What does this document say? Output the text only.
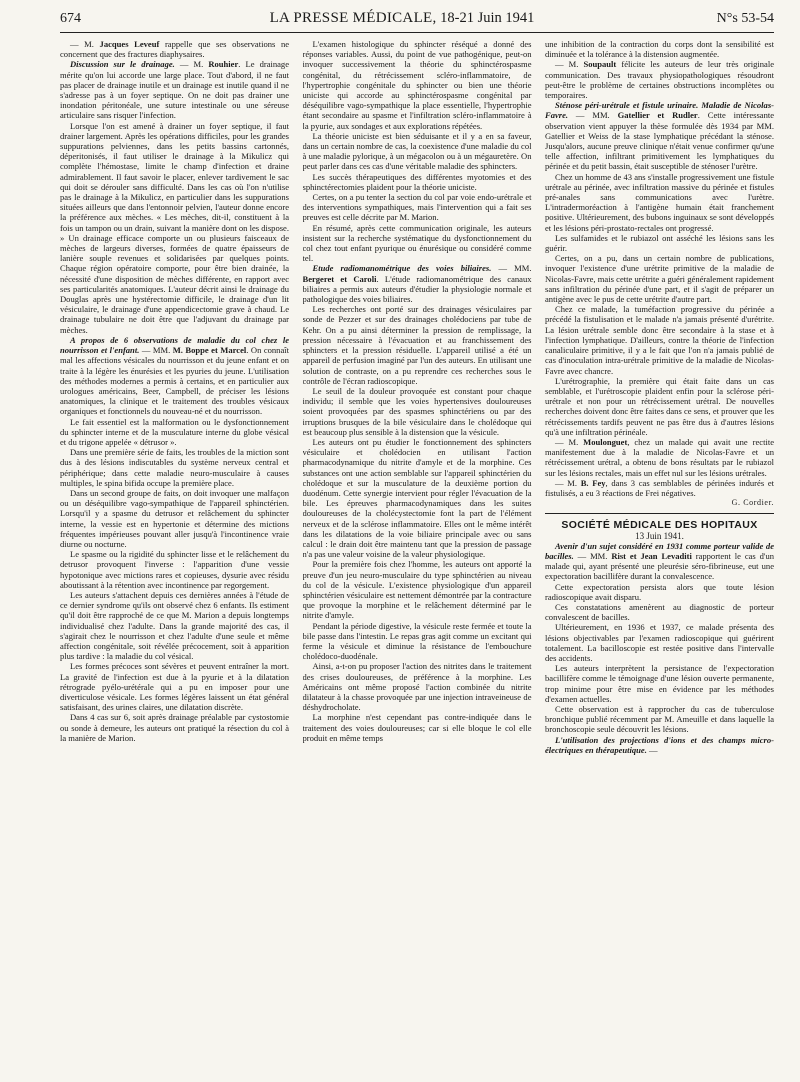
674	LA PRESSE MÉDICALE, 18-21 Juin 1941	N°s 53-54

— M. Jacques Leveuf rappelle que ses observations ne concernent que des fractures diaphysaires.

Discussion sur le drainage. — M. Rouhier. Le drainage mérite qu'on lui accorde une large place. Tout d'abord, il ne faut pas placer de drainage inutile et un drainage est inutile quand il ne s'adresse pas à un foyer septique. On ne doit pas drainer une inondation péritonéale, une suture intestinale ou une séreuse articulaire sans risquer l'infection.

Lorsque l'on est amené à drainer un foyer septique, il faut drainer largement. Après les opérations difficiles, pour les grandes suppurations pelviennes, dans les petits bassins cartonnés, déperitonisés, il faut utiliser le drainage à la Mikulicz qui complète l'hémostase, limite le champ d'infection et draine admirablement. Il faut savoir le placer, enlever tardivement le sac qui doit se dérouler sans difficulté. Dans les cas où l'on n'utilise pas le drainage à la Mikulicz, en particulier dans les suppurations situées ailleurs que dans l'entonnoir pelvien, l'auteur donne encore la préférence aux mèches. « Les mèches, dit-il, constituent à la fois un tampon ou un drain, suivant la manière dont on les dispose. » Un drainage efficace comporte un ou plusieurs faisceaux de mèches de largeurs diverses, formées de quatre épaisseurs de lanière souple revenues et solidarisées par quelques points. Chaque région opératoire comporte, pour être bien drainée, la nécessité d'une disposition de mèches différente, en rapport avec ses particularités anatomiques. L'auteur décrit ainsi le drainage du Douglas après une hystérectomie difficile, le drainage d'un lit vésiculaire, le drainage d'une appendicectomie grave à chaud. Le drainage tubulaire ne doit être que l'adjuvant du drainage par mèches.

A propos de 6 observations de maladie du col chez le nourrisson et l'enfant. — MM. M. Boppe et Marcel. On connaît mal les affections vésicales du nourrisson et du jeune enfant et on traite à la légère les énurésies et les pyuries du jeune. L'utilisation des méthodes modernes a permis à certains, et en particulier aux urologues américains, Beer, Campbell, de préciser les lésions anatomiques, la clinique et le traitement des troubles vésicaux organiques et fonctionnels du nouveau-né et du nourrisson.

Le fait essentiel est la malformation ou le dysfonctionnement du sphincter interne et de la musculature interne du globe vésical et du trigone appelée « détrusor ».

Dans une première série de faits, les troubles de la miction sont dus à des lésions indiscutables du système nerveux central et périphérique; dans cette maladie neuro-musculaire à causes multiples, le spina bifida occupe la première place.

Dans un second groupe de faits, on doit invoquer une malfaçon ou un déséquilibre vago-sympathique de l'appareil sphinctérien. Lorsqu'il y a spasme du detrusor et relâchement du sphincter interne, la vessie est en hypertonie et détermine des mictions fréquentes impérieuses pouvant aller jusqu'à l'incontinence vraie diurne ou nocturne.

Le spasme ou la rigidité du sphincter lisse et le relâchement du detrusor provoquent l'inverse : l'apparition d'une vessie hypotonique avec mictions rares et copieuses, dysurie avec résidu aboutissant à la rétention avec incontinence par regorgement.

Les auteurs s'attachent depuis ces dernières années à l'étude de ce dernier syndrome qu'ils ont observé chez 6 enfants. Ils estiment qu'il doit être rapproché de ce que M. Marion a depuis longtemps individualisé chez l'adulte. Dans la grande majorité des cas, il s'agirait chez le nourrisson et chez l'adulte d'une seule et même affection congénitale, soit révélée précocement, soit à apparition plus tardive : la maladie du col vésical.

Les formes précoces sont sévères et peuvent entraîner la mort. La gravité de l'infection est due à la pyurie et à la dilatation rétrograde pyélo-urétérale qui a pu en imposer pour une diverticulose vésicale. Les formes légères laissent un état général satisfaisant, des urines claires, une dilatation discrète.

Dans 4 cas sur 6, soit après drainage préalable par cystostomie ou sonde à demeure, les auteurs ont pratiqué la résection du col à la manière de Marion.

L'examen histologique du sphincter réséqué a donné des réponses variables. Aussi, du point de vue pathogénique, peut-on invoquer successivement la théorie du sphinctérospasme congénital, du rétrécissement scléro-inflammatoire, de l'hypertrophie congénitale du sphincter ou bien une théorie uniciste qui accorde au sphinctérospasme congénital par déséquilibre vago-sympathique la place essentielle, l'hypertrophie étant secondaire au spasme et l'infiltration scléro-inflammatoire à la pyurie, aux sondages et aux explorations répétées.

La théorie uniciste est bien séduisante et il y a en sa faveur, dans un certain nombre de cas, la coexistence d'une maladie du col à une maladie pylorique, à un mégacolon ou à un mégauretère. On peut parler dans ces cas d'une véritable maladie des sphincters.

Les succès thérapeutiques des différentes myotomies et des sphinctérectomies plaident pour la théorie uniciste.

Certes, on a pu tenter la section du col par voie endo-urétrale et des interventions sympathiques, mais l'intervention qui a fait ses preuves est celle décrite par M. Marion.

En résumé, après cette communication originale, les auteurs insistent sur la recherche systématique du dysfonctionnement du col chez tout enfant pyurique ou énurésique ou considéré comme tel.

Etude radiomanométrique des voies biliaires. — MM. Bergeret et Caroli. L'étude radiomanométrique des canaux biliaires a permis aux auteurs d'étudier la physiologie normale et pathologique des voies biliaires.

Les recherches ont porté sur des drainages vésiculaires par sonde de Pezzer et sur des drainages cholédociens par tube de Kehr. On a pu ainsi déterminer la pression de remplissage, la pression nécessaire à l'évacuation et au franchissement des sphincters et la pression résiduelle. L'appareil utilisé a été un appareil de perfusion imaginé par l'un des auteurs. En utilisant une solution de contraste, on a pu reprendre ces recherches sous le contrôle de l'écran radioscopique.

Le seuil de la douleur provoquée est constant pour chaque individu; il semble que les voies hypertensives douloureuses soient provoquées par des spasmes sphinctériens ou par des irruptions brusques de la bile vésiculaire dans le cholédoque qui est beaucoup plus sensible à la distension que la vésicule.

Les auteurs ont pu étudier le fonctionnement des sphincters vésiculaire et cholédocien en utilisant l'action pharmacodynamique du nitrite d'amyle et de la morphine. Ces substances ont une action semblable sur l'appareil sphinctérien du cholédoque et sur la musculature de la deuxième portion du duodénum. Cette synergie intervient pour régler l'évacuation de la bile. Les épreuves pharmacodynamiques dans les suites douloureuses de la cholécystectomie font la part de l'élément nerveux et de la sclérose inflammatoire. Elles ont le même intérêt dans les dilatations de la voie biliaire principale avec ou sans calcul : le drain doit être maintenu tant que la pression de passage n'a pas une valeur voisine de la valeur physiologique.

Pour la première fois chez l'homme, les auteurs ont apporté la preuve d'un jeu neuro-musculaire du type sphinctérien au niveau du col de la vésicule. L'existence physiologique d'un appareil sphinctérien vésiculaire est nettement démontrée par la contracture que provoque la morphine et le relâchement déterminé par le nitrite d'amyle.

Pendant la période digestive, la vésicule reste fermée et toute la bile passe dans l'intestin. Le repas gras agit comme un excitant qui ferme la vésicule et diminue la résistance de l'embouchure cholédoco-duodénale.

Ainsi, a-t-on pu proposer l'action des nitrites dans le traitement des crises douloureuses, de préférence à la morphine. Les Américains ont même proposé l'action combinée du nitrite dilatateur à la chasse provoquée par une injection intraveineuse de déshydrocholate.

La morphine n'est cependant pas contre-indiquée dans le traitement des voies douloureuses; car si elle bloque le col elle produit en même temps

une inhibition de la contraction du corps dont la sensibilité est diminuée et la tolérance à la distension augmentée.

— M. Soupault félicite les auteurs de leur très originale communication. Des travaux physiopathologiques résoudront peut-être le problème de certaines obstructions incomplètes ou temporaires.

Sténose péri-urétrale et fistule urinaire. Maladie de Nicolas-Favre. — MM. Gatellier et Rudler. Cette intéressante observation vient appuyer la thèse formulée dès 1934 par MM. Gatellier et Weiss de la stase lymphatique précédant la sténose. Jusqu'alors, aucune preuve clinique n'était venue confirmer qu'une telle affection, infiltrant primitivement les lymphatiques du périnée et du petit bassin, était susceptible de sténoser l'urètre.

Chez un homme de 43 ans s'installe progressivement une fistule urétrale au périnée, avec infiltration massive du périnée et fistules pré-anales sans communications avec l'urètre. L'intradermoréaction à l'antigène humain était franchement positive. Ultérieurement, des bubons inguinaux se sont développés et les lésions péri-prostato-rectales ont progressé.

Les sulfamides et le rubiazol ont asséché les lésions sans les guérir.

Certes, on a pu, dans un certain nombre de publications, invoquer l'existence d'une urétrite primitive de la maladie de Nicolas-Favre, mais cette urétrite a guéri généralement rapidement sans infiltration du périnée d'une part, et il s'agit de préparer un antigène avec le pus de cette urétrite d'autre part.

Chez ce malade, la tuméfaction progressive du périnée a précédé la fistulisation et le malade n'a jamais présenté d'urétrite. La lésion urétrale semble donc être secondaire à la stase et à l'infection lymphatique. D'ailleurs, contre la théorie de l'infection canaliculaire primitive, il y a le fait que l'on n'a jamais publié de cas d'inoculation intra-urétrale primitive de la maladie de Nicolas-Favre avec chancre.

L'urétrographie, la première qui était faite dans un cas semblable, et l'urétroscopie plaident enfin pour la sclérose péri-urétrale et non pour un rétrécissement urétral. De nouvelles recherches doivent donc être faites dans ce sens, et prouver que les rétrécissements tardifs peuvent ne pas être dus à d'autres lésions qu'à une infiltration périnéale.

— M. Moulonguet, chez un malade qui avait une rectite manifestement due à la maladie de Nicolas-Favre et un rétrécissement urétral, a obtenu de bons résultats par le rubiazol sur les lésions rectales, mais un effet nul sur les lésions urétrales.

— M. B. Fey, dans 3 cas semblables de périnées indurés et fistulisés, a eu 3 réactions de Frei négatives.

G. Cordier.

SOCIÉTÉ MÉDICALE DES HOPITAUX

13 Juin 1941.

Avenir d'un sujet considéré en 1931 comme porteur valide de bacilles. — MM. Rist et Jean Levaditi rapportent le cas d'un malade qui, ayant présenté une pleurésie séro-fibrineuse, eut une expectoration bacillifère durant la convalescence.

Cette expectoration persista alors que toute lésion radioscopique avait disparu.

Ces constatations amenèrent au diagnostic de porteur convalescent de bacilles.

Ultérieurement, en 1936 et 1937, ce malade présenta des lésions objectivables par l'examen radioscopique qui guérirent totalement. La bacilloscopie est restée positive dans l'intervalle des accidents.

Les auteurs interprètent la persistance de l'expectoration bacillifère comme le témoignage d'une lésion ouverte permanente, trop minime pour être mise en évidence par les méthodes d'examen actuelles.

Cette observation est à rapprocher du cas de tuberculose bronchique publié récemment par M. Ameuille et dans laquelle la bronchoscopie seule découvrit les lésions.

L'utilisation des projections d'ions et des champs micro-électriques en thérapeutique. —
